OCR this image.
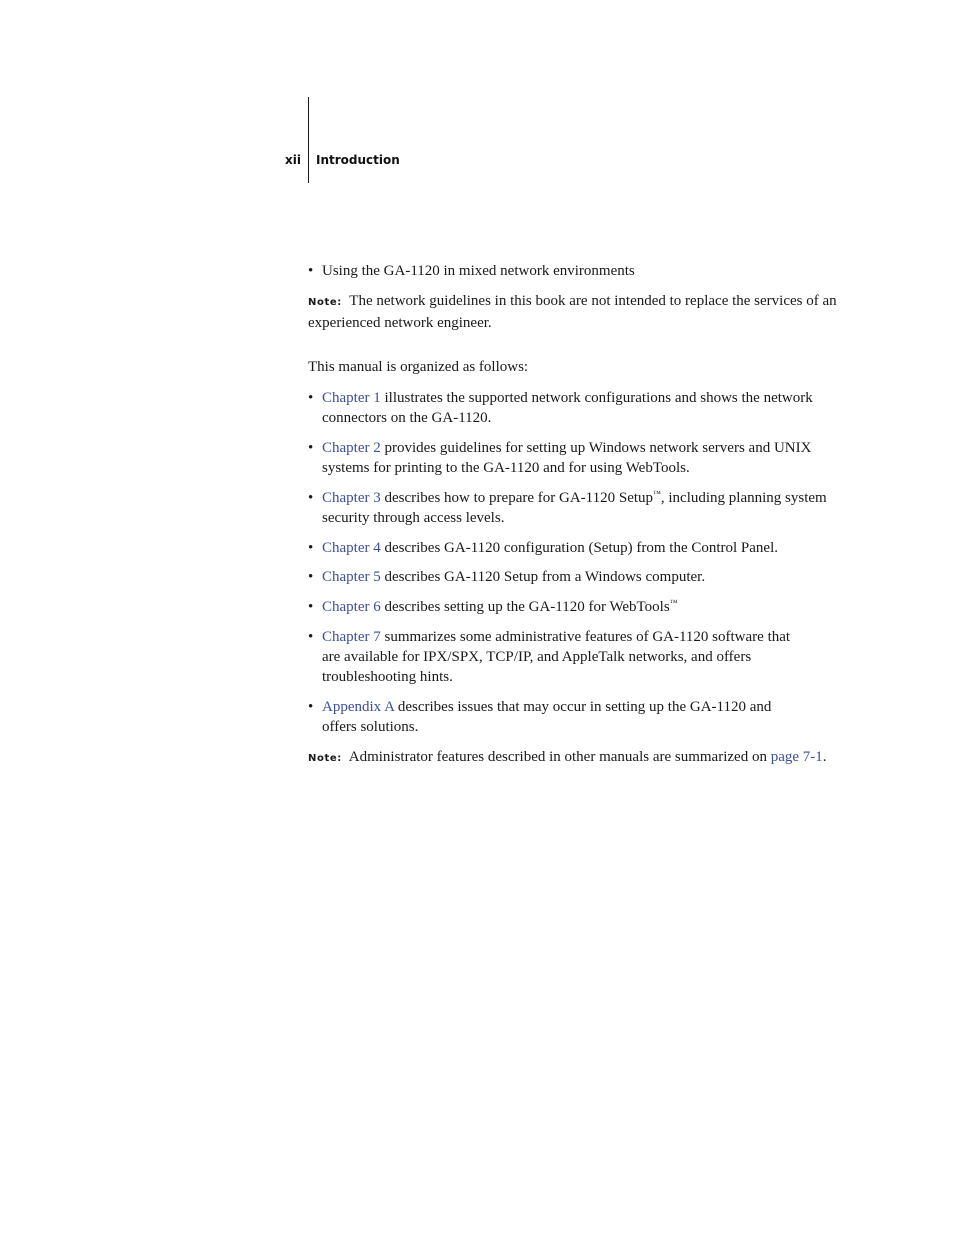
xii Introduction

• Using the GA-1120 in mixed network environments

Note: The network guidelines in this book are not intended to replace the services of an experienced network engineer.

This manual is organized as follows:

• Chapter 1 illustrates the supported network configurations and shows the network connectors on the GA-1120.

• Chapter 2 provides guidelines for setting up Windows network servers and UNIX systems for printing to the GA-1120 and for using WebTools.

• Chapter 3 describes how to prepare for GA-1120 Setup™, including planning system security through access levels.

• Chapter 4 describes GA-1120 configuration (Setup) from the Control Panel.

• Chapter 5 describes GA-1120 Setup from a Windows computer.

• Chapter 6 describes setting up the GA-1120 for WebTools™

• Chapter 7 summarizes some administrative features of GA-1120 software that are available for IPX/SPX, TCP/IP, and AppleTalk networks, and offers troubleshooting hints.

• Appendix A describes issues that may occur in setting up the GA-1120 and offers solutions.

Note: Administrator features described in other manuals are summarized on page 7-1.
